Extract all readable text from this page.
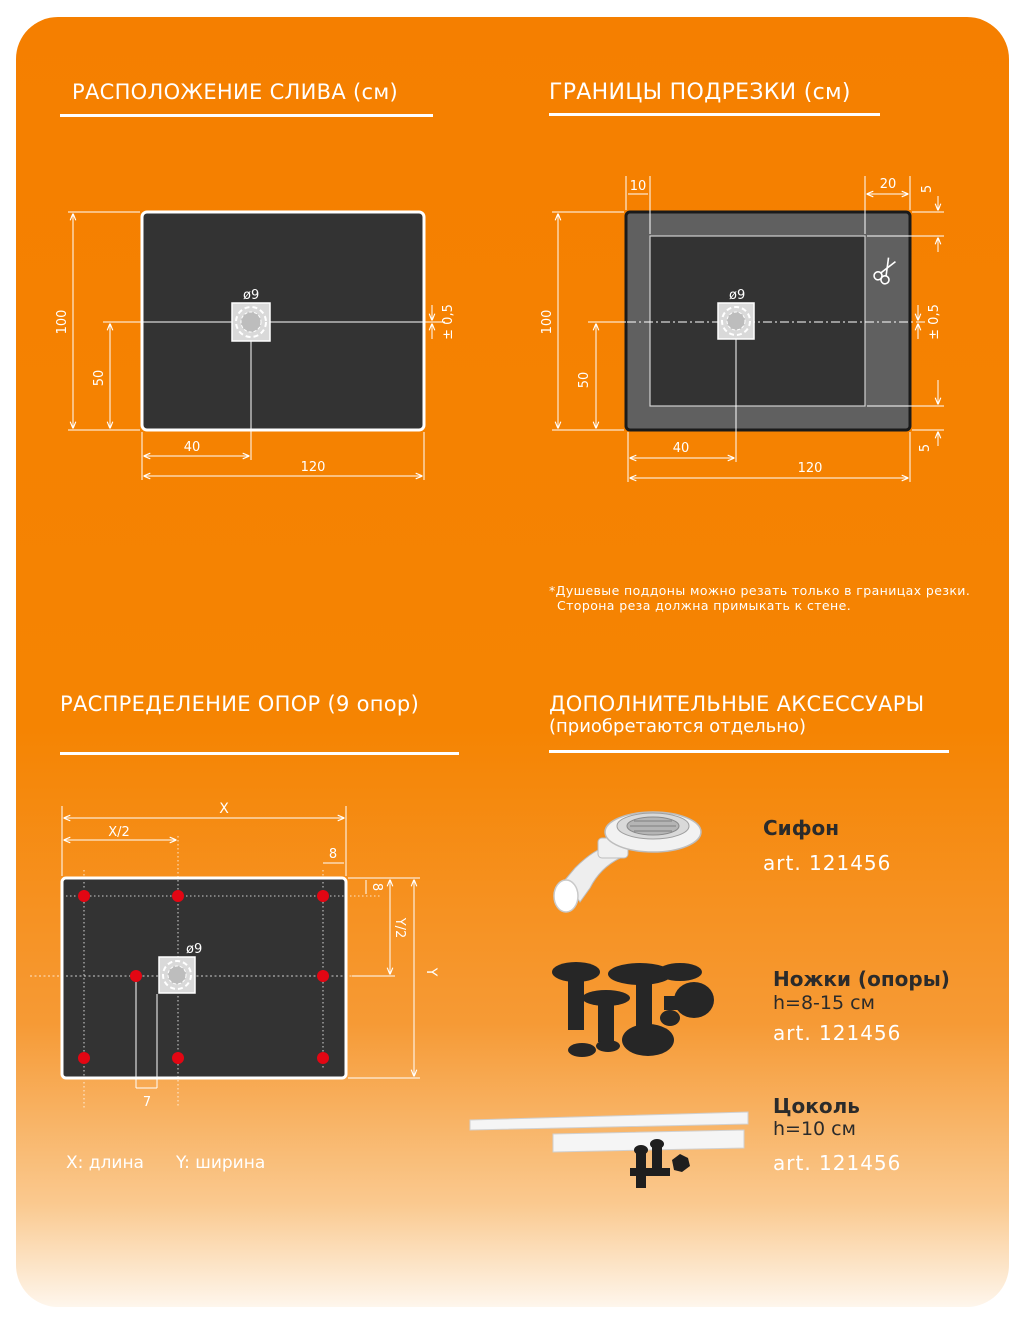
РАСПОЛОЖЕНИЕ СЛИВА (см)	ГРАНИЦЫ ПОДРЕЗКИ (см)
РАСПРЕДЕЛЕНИЕ ОПОР (9 опор)	ДОПОЛНИТЕЛЬНЫЕ АКСЕССУАРЫ
(приобретаются отдельно)
*Душевые поддоны можно резать только в границах резки.
Сторона реза должна примыкать к стене.
ø9
100
50
± 0,5
40
120
ø9
10	20 5
± 0,5
5
100
50
40
120
ø9
7
X
X/2
8
Y
Y/2
8
X: длина Y: ширина
Сифон
art. 121456
Ножки (опоры)
h=8-15 см
art. 121456
Цоколь
h=10 см
art. 121456
